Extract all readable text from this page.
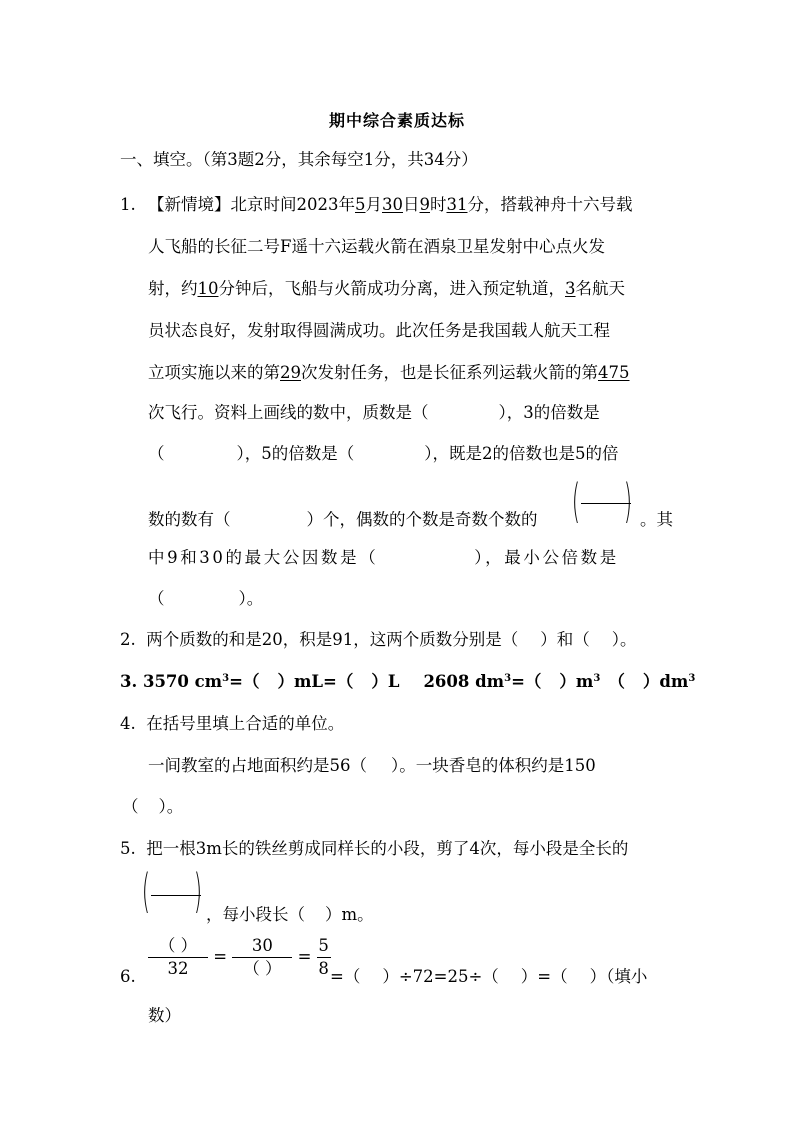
期中综合素质达标
一、填空。（第3题2分，其余每空1分，共34分）
1. 【新情境】北京时间2023年5月30日9时31分，搭载神舟十六号载
人飞船的长征二号F遥十六运载火箭在酒泉卫星发射中心点火发
射，约10分钟后，飞船与火箭成功分离，进入预定轨道，3名航天
员状态良好，发射取得圆满成功。此次任务是我国载人航天工程
立项实施以来的第29次发射任务，也是长征系列运载火箭的第475
次飞行。资料上画线的数中，质数是（	），3的倍数是
（	），5的倍数是（	），既是2的倍数也是5的倍
数的数有（	）个，偶数的个数是奇数个数的 ( ) 。其
中9和30的最大公因数是（	），最小公倍数是
（	）。
2. 两个质数的和是20，积是91，这两个质数分别是（ ）和（ ）。
3. 3570 $cm^3=$（ ）mL=（ ）L 2608 $dm^3=$（ ）$m^3$ （ ）$dm^3$
4. 在括号里填上合适的单位。
一间教室的占地面积约是56（ ）。一块香皂的体积约是150
（ ）。
5. 把一根3m长的铁丝剪成同样长的小段，剪了4次，每小段是全长的
( ) ，每小段长（ ）m。
6. $\frac{( )}{32} = \frac{30}{( )} = \frac{5}{8}$ =（ ）÷72=25÷（ ）=（ ）（填小
数）
